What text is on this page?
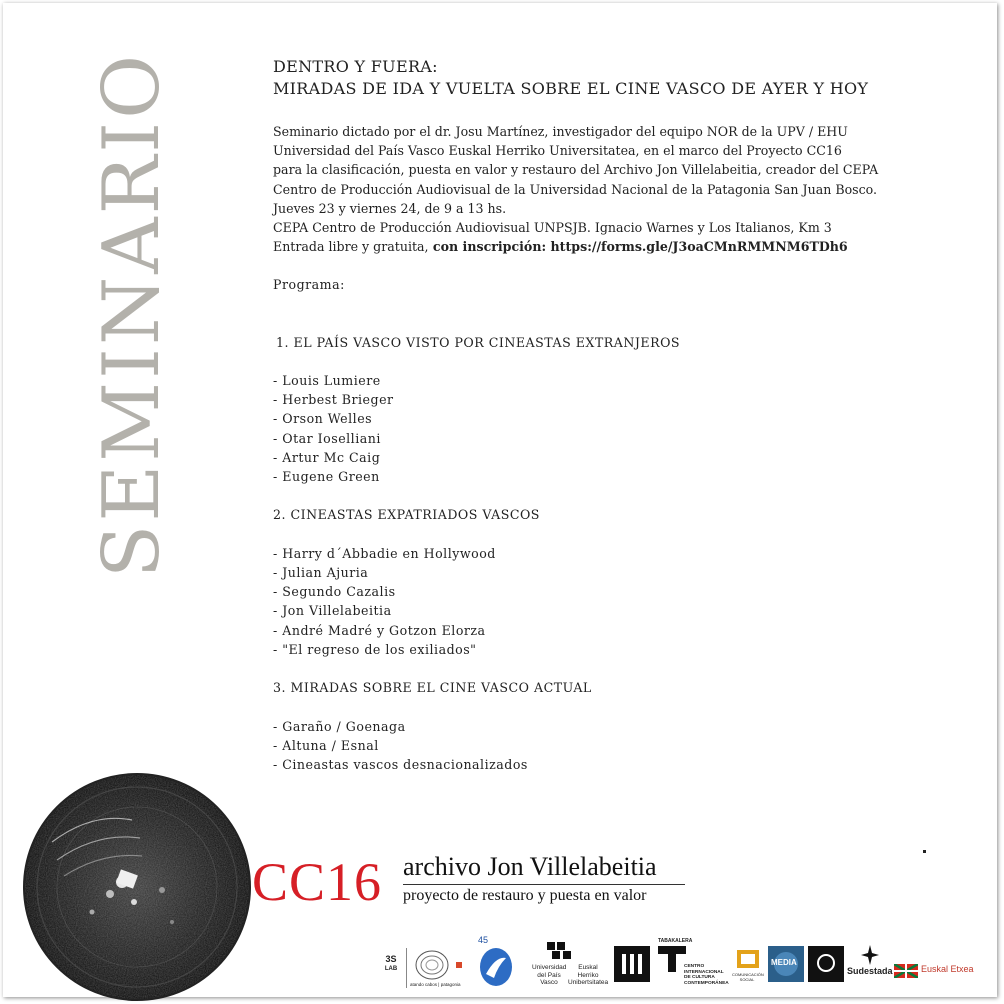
SEMINARIO	DENTRO Y FUERA:
MIRADAS DE IDA Y VUELTA SOBRE EL CINE VASCO DE AYER Y HOY
Seminario dictado por el dr. Josu Martínez, investigador del equipo NOR de la UPV / EHU
Universidad del País Vasco Euskal Herriko Universitatea, en el marco del Proyecto CC16
para la clasificación, puesta en valor y restauro del Archivo Jon Villelabeitia, creador del CEPA
Centro de Producción Audiovisual de la Universidad Nacional de la Patagonia San Juan Bosco.
Jueves 23 y viernes 24, de 9 a 13 hs.
CEPA Centro de Producción Audiovisual UNPSJB. Ignacio Warnes y Los Italianos, Km 3
Entrada libre y gratuita, con inscripción: https://forms.gle/J3oaCMnRMMNM6TDh6
Programa:
1. EL PAÍS VASCO VISTO POR CINEASTAS EXTRANJEROS
- Louis Lumiere
- Herbest Brieger
- Orson Welles
- Otar Ioselliani
- Artur Mc Caig
- Eugene Green
2. CINEASTAS EXPATRIADOS VASCOS
- Harry d´Abbadie en Hollywood
- Julian Ajuria
- Segundo Cazalis
- Jon Villelabeitia
- André Madré y Gotzon Elorza
- "El regreso de los exiliados"
3. MIRADAS SOBRE EL CINE VASCO ACTUAL
- Garaño / Goenaga
- Altuna / Esnal
- Cineastas vascos desnacionalizados
CC16 archivo Jon Villelabeitia
proyecto de restauro y puesta en valor
3S
LAB
atando cabos | patagonia
45
Universidad
del País Vasco
Euskal Herriko
Unibertsitatea
TABAKALERA
CENTRO
INTERNACIONAL
DE CULTURA
CONTEMPORÁNEA
COMUNICACIÓN SOCIAL
MEDIA
Sudestada	Euskal Etxea
